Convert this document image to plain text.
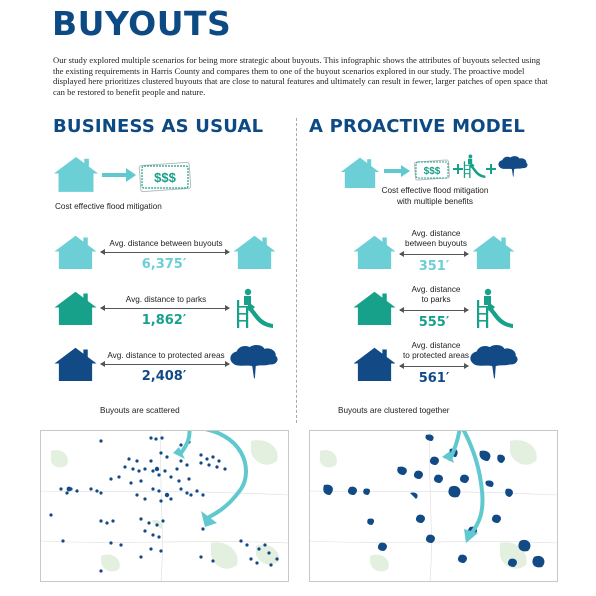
BUYOUTS
Our study explored multiple scenarios for being more strategic about buyouts. This infographic shows the attributes of buyouts selected using the existing requirements in Harris County and compares them to one of the buyout scenarios explored in our study. The proactive model displayed here prioritizes clustered buyouts that are close to natural features and ultimately can result in fewer, larger patches of open space that can be restored to benefit people and nature.
BUSINESS AS USUAL	A PROACTIVE MODEL
$$$
Cost effective flood mitigation
Avg. distance between buyouts
6,375′
Avg. distance to parks
1,862′
Avg. distance to protected areas
2,408′
Buyouts are scattered
$$$
Cost effective flood mitigation
with multiple benefits
Avg. distance
between buyouts
351′
Avg. distance
to parks
555′
Avg. distance
to protected areas
561′
Buyouts are clustered together
